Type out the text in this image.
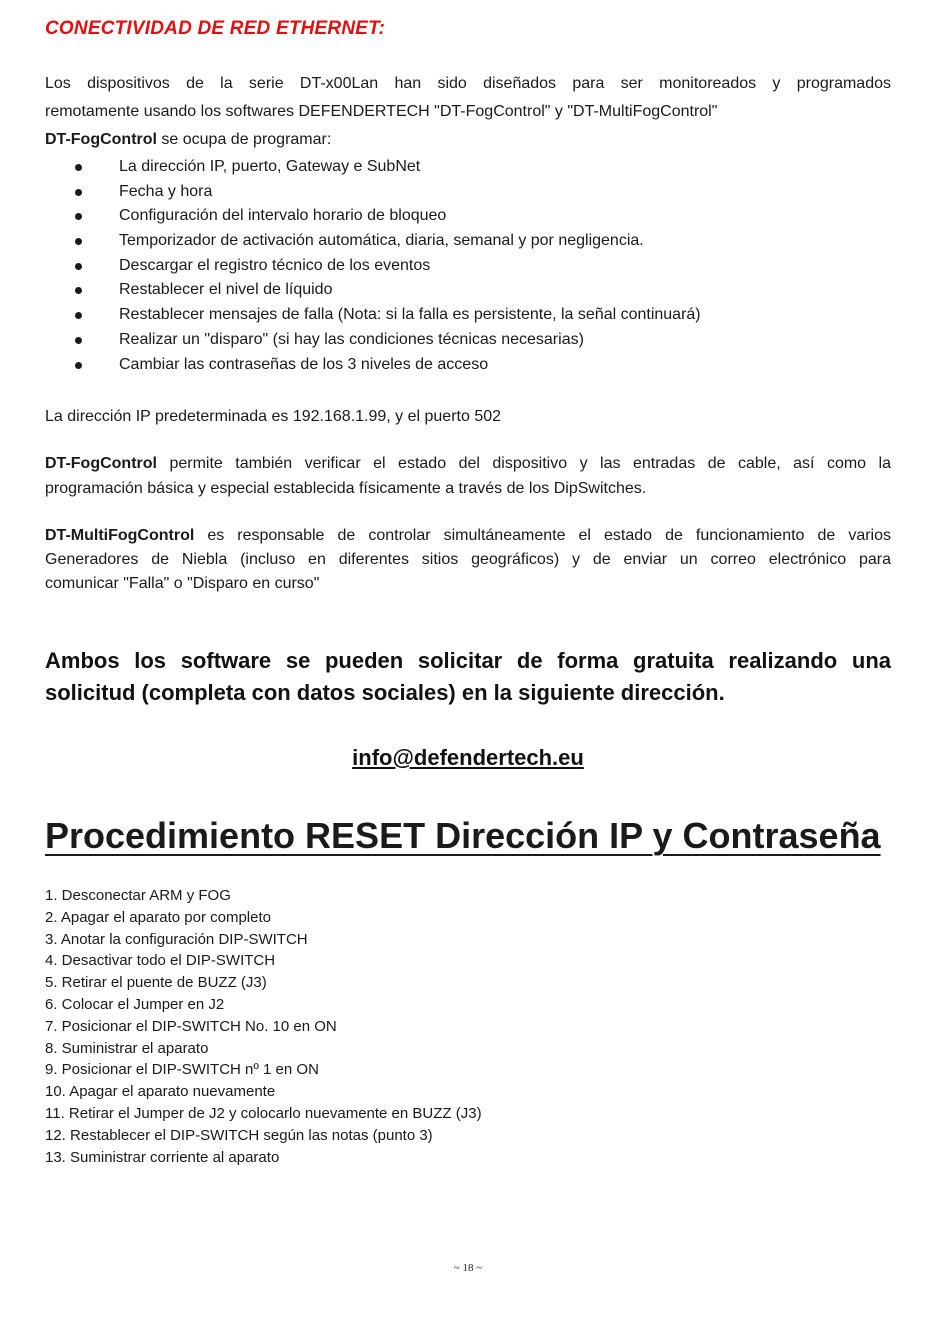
CONECTIVIDAD DE RED ETHERNET:
Los dispositivos de la serie DT-x00Lan han sido diseñados para ser monitoreados y programados
remotamente usando los softwares DEFENDERTECH "DT-FogControl" y "DT-MultiFogControl"
DT-FogControl se ocupa de programar:
La dirección IP, puerto, Gateway e SubNet
Fecha y hora
Configuración del intervalo horario de bloqueo
Temporizador de activación automática, diaria, semanal y por negligencia.
Descargar el registro técnico de los eventos
Restablecer el nivel de líquido
Restablecer mensajes de falla (Nota: si la falla es persistente, la señal continuará)
Realizar un "disparo" (si hay las condiciones técnicas necesarias)
Cambiar las contraseñas de los 3 niveles de acceso
La dirección IP predeterminada es 192.168.1.99, y el puerto 502
DT-FogControl permite también verificar el estado del dispositivo y las entradas de cable, así como la
programación básica y especial establecida físicamente a través de los DipSwitches.
DT-MultiFogControl es responsable de controlar simultáneamente el estado de funcionamiento de varios
Generadores de Niebla (incluso en diferentes sitios geográficos) y de enviar un correo electrónico para
comunicar "Falla" o "Disparo en curso"
Ambos los software se pueden solicitar de forma gratuita realizando una
solicitud (completa con datos sociales) en la siguiente dirección.
info@defendertech.eu
Procedimiento RESET Dirección IP y Contraseña
1. Desconectar ARM y FOG
2. Apagar el aparato por completo
3. Anotar la configuración DIP-SWITCH
4. Desactivar todo el DIP-SWITCH
5. Retirar el puente de BUZZ (J3)
6. Colocar el Jumper en J2
7. Posicionar el DIP-SWITCH No. 10 en ON
8. Suministrar el aparato
9. Posicionar el DIP-SWITCH nº 1 en ON
10. Apagar el aparato nuevamente
11. Retirar el Jumper de J2 y colocarlo nuevamente en BUZZ (J3)
12. Restablecer el DIP-SWITCH según las notas (punto 3)
13. Suministrar corriente al aparato
~ 18 ~
